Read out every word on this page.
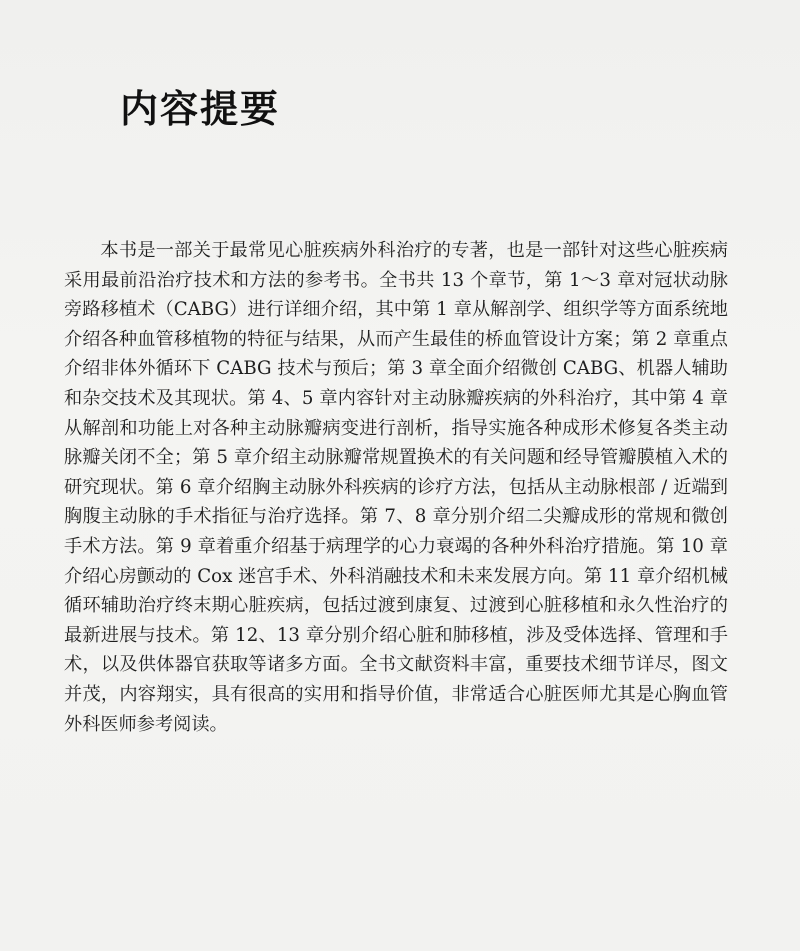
内容提要

本书是一部关于最常见心脏疾病外科治疗的专著，也是一部针对这些心脏疾病采用最前沿治疗技术和方法的参考书。全书共 13 个章节，第 1～3 章对冠状动脉旁路移植术（CABG）进行详细介绍，其中第 1 章从解剖学、组织学等方面系统地介绍各种血管移植物的特征与结果，从而产生最佳的桥血管设计方案；第 2 章重点介绍非体外循环下 CABG 技术与预后；第 3 章全面介绍微创 CABG、机器人辅助和杂交技术及其现状。第 4、5 章内容针对主动脉瓣疾病的外科治疗，其中第 4 章从解剖和功能上对各种主动脉瓣病变进行剖析，指导实施各种成形术修复各类主动脉瓣关闭不全；第 5 章介绍主动脉瓣常规置换术的有关问题和经导管瓣膜植入术的研究现状。第 6 章介绍胸主动脉外科疾病的诊疗方法，包括从主动脉根部 / 近端到胸腹主动脉的手术指征与治疗选择。第 7、8 章分别介绍二尖瓣成形的常规和微创手术方法。第 9 章着重介绍基于病理学的心力衰竭的各种外科治疗措施。第 10 章介绍心房颤动的 Cox 迷宫手术、外科消融技术和未来发展方向。第 11 章介绍机械循环辅助治疗终末期心脏疾病，包括过渡到康复、过渡到心脏移植和永久性治疗的最新进展与技术。第 12、13 章分别介绍心脏和肺移植，涉及受体选择、管理和手术，以及供体器官获取等诸多方面。全书文献资料丰富，重要技术细节详尽，图文并茂，内容翔实，具有很高的实用和指导价值，非常适合心脏医师尤其是心胸血管外科医师参考阅读。
